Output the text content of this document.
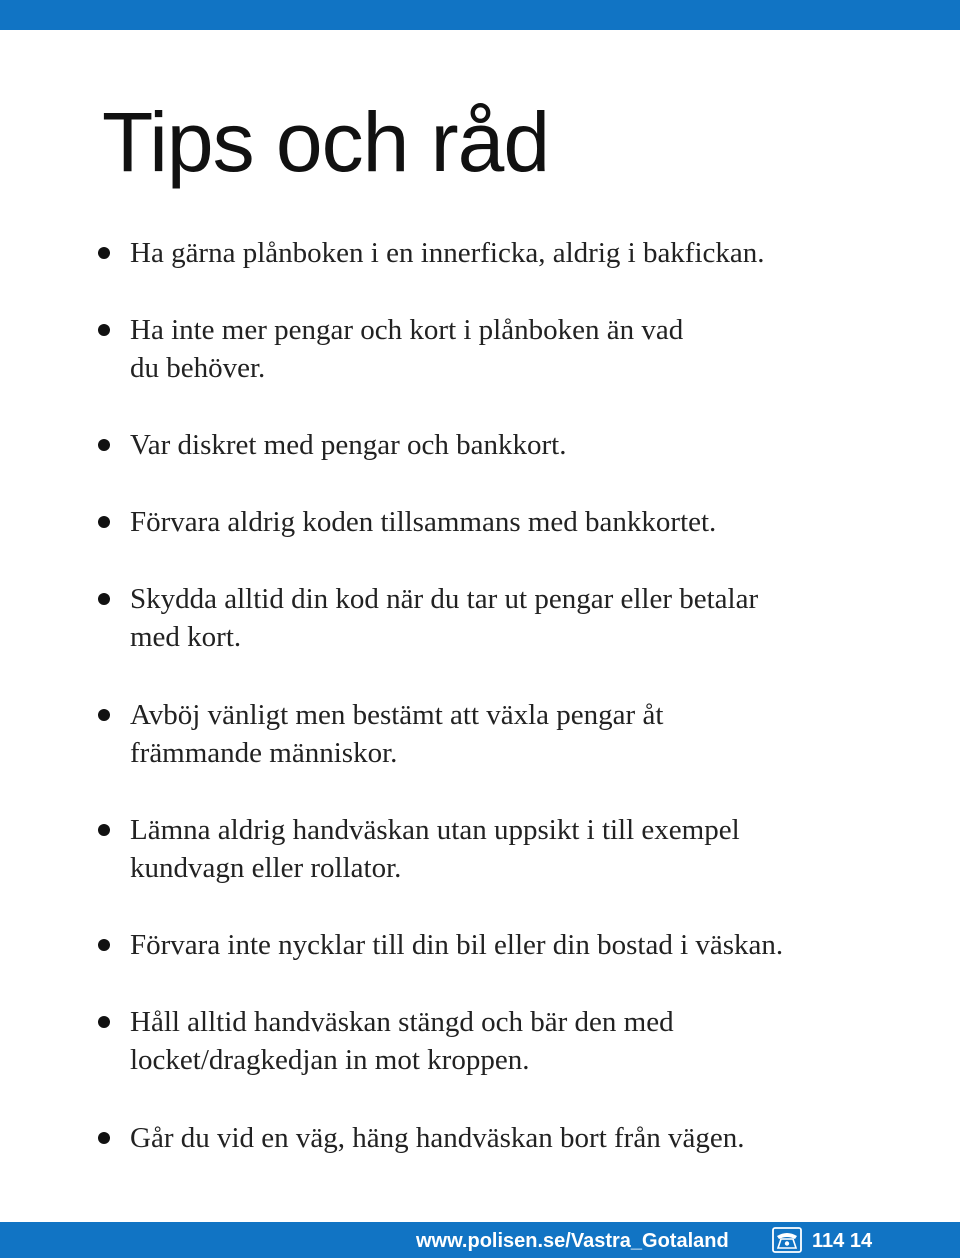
Tips och råd
Ha gärna plånboken i en innerficka, aldrig i bakfickan.
Ha inte mer pengar och kort i plånboken än vad
du behöver.
Var diskret med pengar och bankkort.
Förvara aldrig koden tillsammans med bankkortet.
Skydda alltid din kod när du tar ut pengar eller betalar
med kort.
Avböj vänligt men bestämt att växla pengar åt
främmande människor.
Lämna aldrig handväskan utan uppsikt i till exempel
kundvagn eller rollator.
Förvara inte nycklar till din bil eller din bostad i väskan.
Håll alltid handväskan stängd och bär den med
locket/dragkedjan in mot kroppen.
Går du vid en väg, häng handväskan bort från vägen.
www.polisen.se/Vastra_Gotaland	114 14
